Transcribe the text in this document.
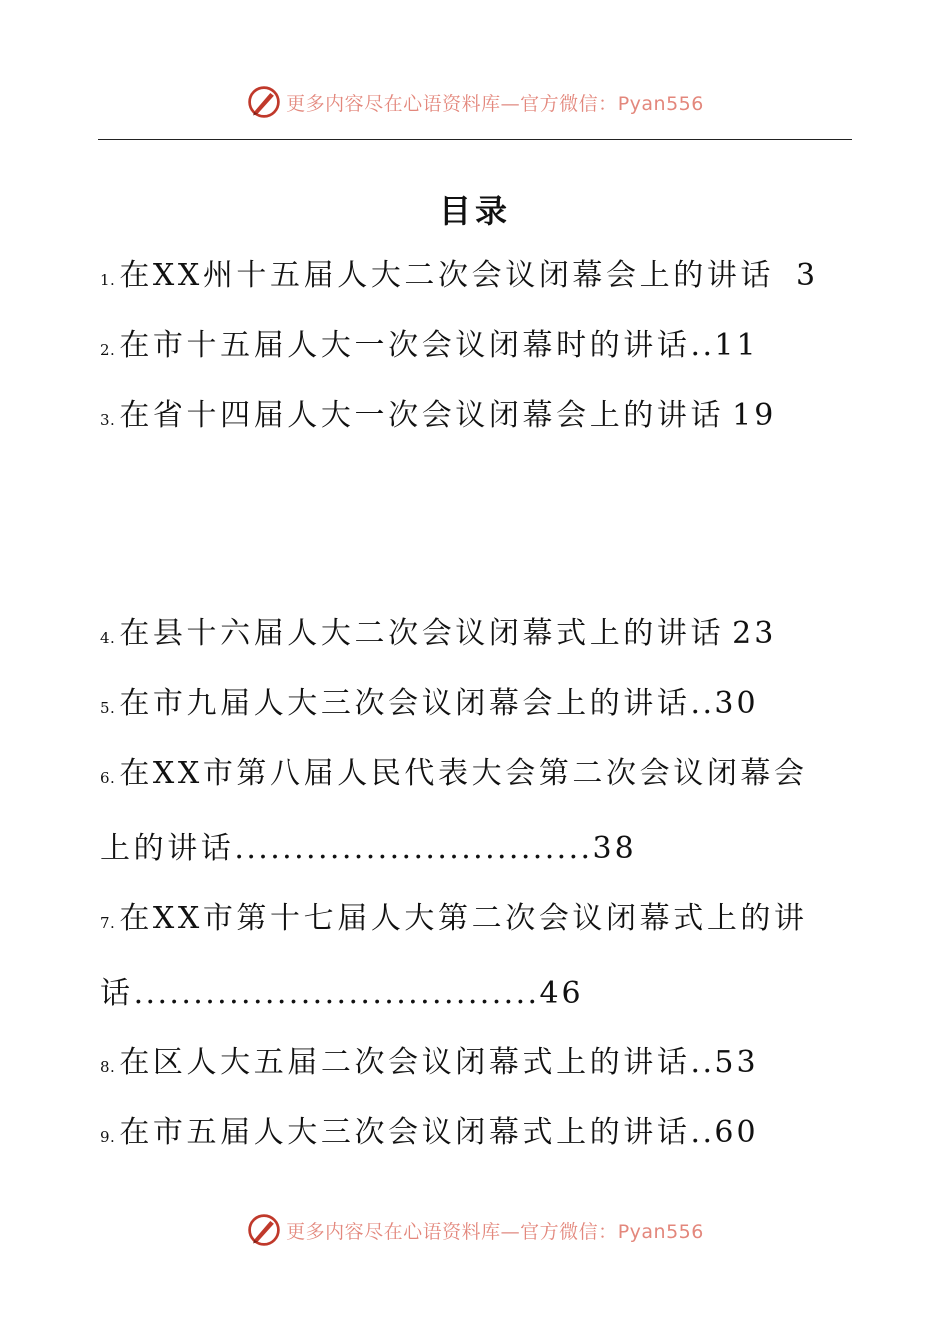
更多内容尽在心语资料库—官方微信：Pyan556
目录
1. 在XX州十五届人大二次会议闭幕会上的讲话 3
2. 在市十五届人大一次会议闭幕时的讲话..11
3. 在省十四届人大一次会议闭幕会上的讲话 19
4. 在县十六届人大二次会议闭幕式上的讲话 23
5. 在市九届人大三次会议闭幕会上的讲话..30
6. 在XX市第八届人民代表大会第二次会议闭幕会
上的讲话..............................38
7. 在XX市第十七届人大第二次会议闭幕式上的讲
话..................................46
8. 在区人大五届二次会议闭幕式上的讲话..53
9. 在市五届人大三次会议闭幕式上的讲话..60
更多内容尽在心语资料库—官方微信：Pyan556
